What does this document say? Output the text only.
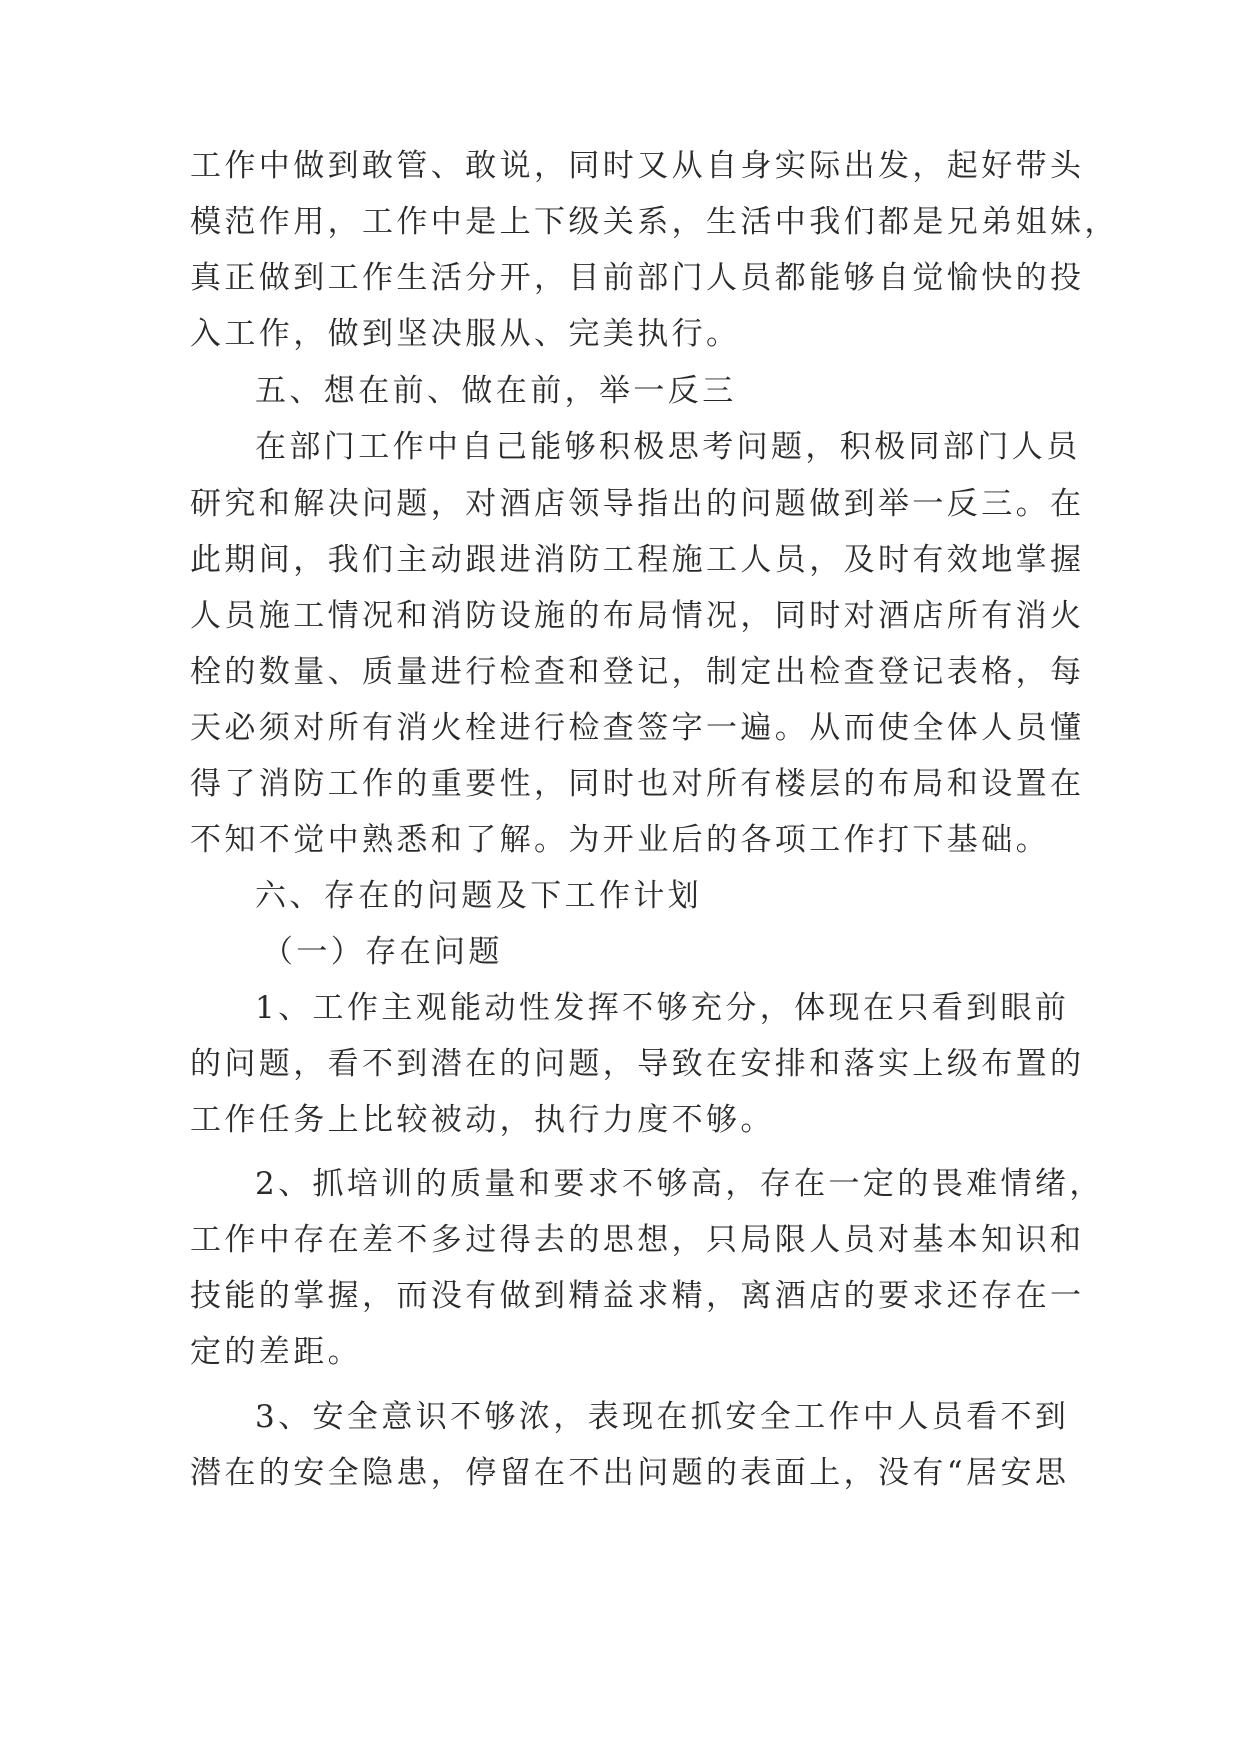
工作中做到敢管、敢说，同时又从自身实际出发，起好带头
模范作用，工作中是上下级关系，生活中我们都是兄弟姐妹，
真正做到工作生活分开，目前部门人员都能够自觉愉快的投
入工作，做到坚决服从、完美执行。
五、想在前、做在前，举一反三
在部门工作中自己能够积极思考问题，积极同部门人员
研究和解决问题，对酒店领导指出的问题做到举一反三。在
此期间，我们主动跟进消防工程施工人员，及时有效地掌握
人员施工情况和消防设施的布局情况，同时对酒店所有消火
栓的数量、质量进行检查和登记，制定出检查登记表格，每
天必须对所有消火栓进行检查签字一遍。从而使全体人员懂
得了消防工作的重要性，同时也对所有楼层的布局和设置在
不知不觉中熟悉和了解。为开业后的各项工作打下基础。
六、存在的问题及下工作计划
（一）存在问题
1、工作主观能动性发挥不够充分，体现在只看到眼前
的问题，看不到潜在的问题，导致在安排和落实上级布置的
工作任务上比较被动，执行力度不够。
2、抓培训的质量和要求不够高，存在一定的畏难情绪，
工作中存在差不多过得去的思想，只局限人员对基本知识和
技能的掌握，而没有做到精益求精，离酒店的要求还存在一
定的差距。
3、安全意识不够浓，表现在抓安全工作中人员看不到
潜在的安全隐患，停留在不出问题的表面上，没有“居安思
